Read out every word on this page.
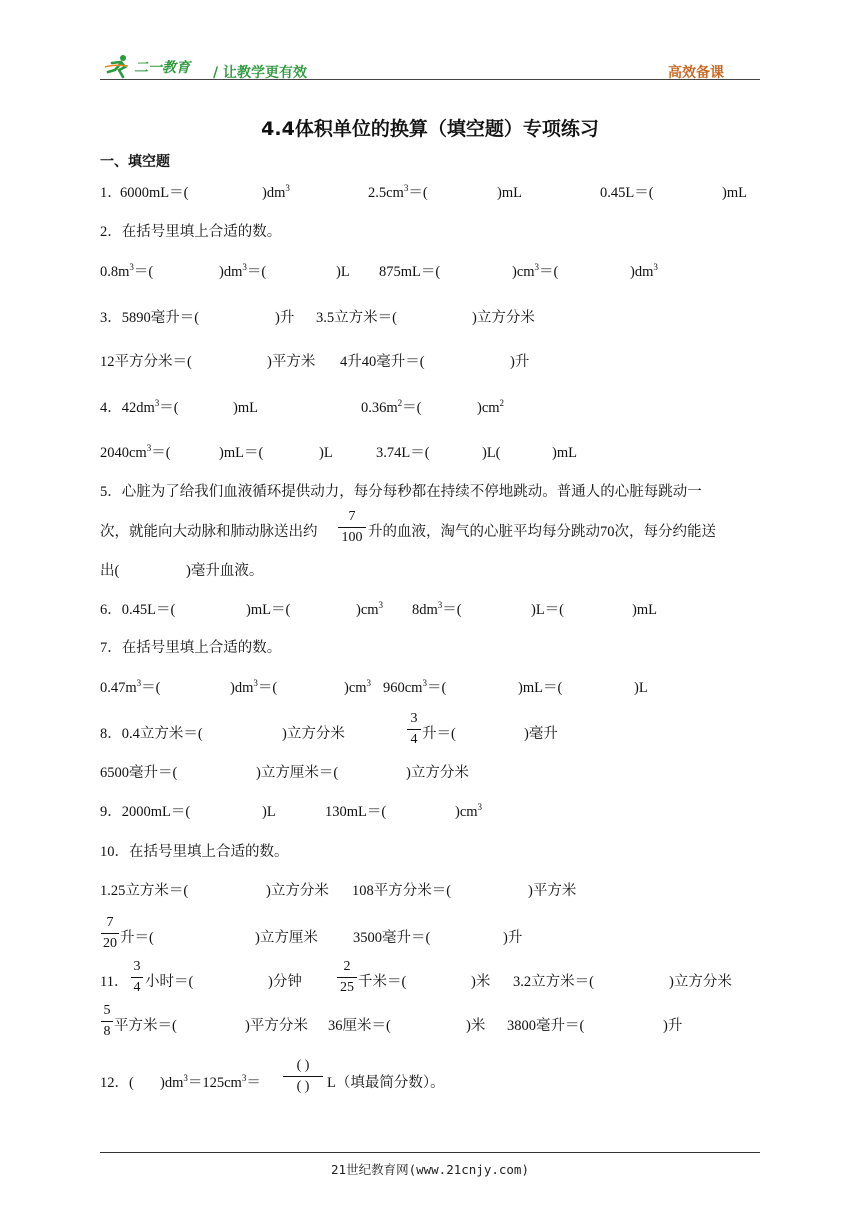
二一教育 / 让教学更有效	高效备课
4.4体积单位的换算（填空题）专项练习
一、填空题
1．
6000mL＝(	)$dm^3$	$2.5cm^3=$(	)mL	0.45L＝(	)mL
2．在括号里填上合适的数。
$0.8m^3=$(	)$dm^3=$(	)L 875mL＝(	)$cm^3=$(	)$dm^3$
3．5890毫升＝(	)升 3.5立方米＝(	)立方分米
12平方分米＝(	)平方米 4升40毫升＝(	)升
4．$42dm^3=$(	)mL	$0.36m^2=$(	)$cm^2$
$2040cm^3=$(	)mL＝(	)L	3.74L＝(	)L(	)mL
5．心脏为了给我们血液循环提供动力，每分每秒都在持续不停地跳动。普通人的心脏每跳动一
次，就能向大动脉和肺动脉送出约
7
100 升的血液，淘气的心脏平均每分跳动70次，每分约能送
出(	)毫升血液。
6．0.45L＝(	)mL＝(	)$cm^3$ $8dm^3=$(	)L＝(	)mL
7．在括号里填上合适的数。
$0.47m^3=$(	)$dm^3=$(	)$cm^3$ $960cm^3=$(	)mL＝(	)L
8．0.4立方米＝(	)立方分米
3
4 升＝(	)毫升
6500毫升＝(	)立方厘米＝(	)立方分米
9．2000mL＝(	)L	130mL＝(	)$cm^3$
10．在括号里填上合适的数。
1.25立方米＝(	)立方分米 108平方分米＝(	)平方米
7
20 升＝(	)立方厘米 3500毫升＝(	)升
11．
3
4 小时＝(	)分钟
2
25 千米＝(	)米 3.2立方米＝(	)立方分米
5
8 平方米＝(	)平方分米 36厘米＝(	)米 3800毫升＝(	)升
12．( )$dm^3=125cm^3=$
( )
( )	L（填最简分数）。
21世纪教育网(www.21cnjy.com)
